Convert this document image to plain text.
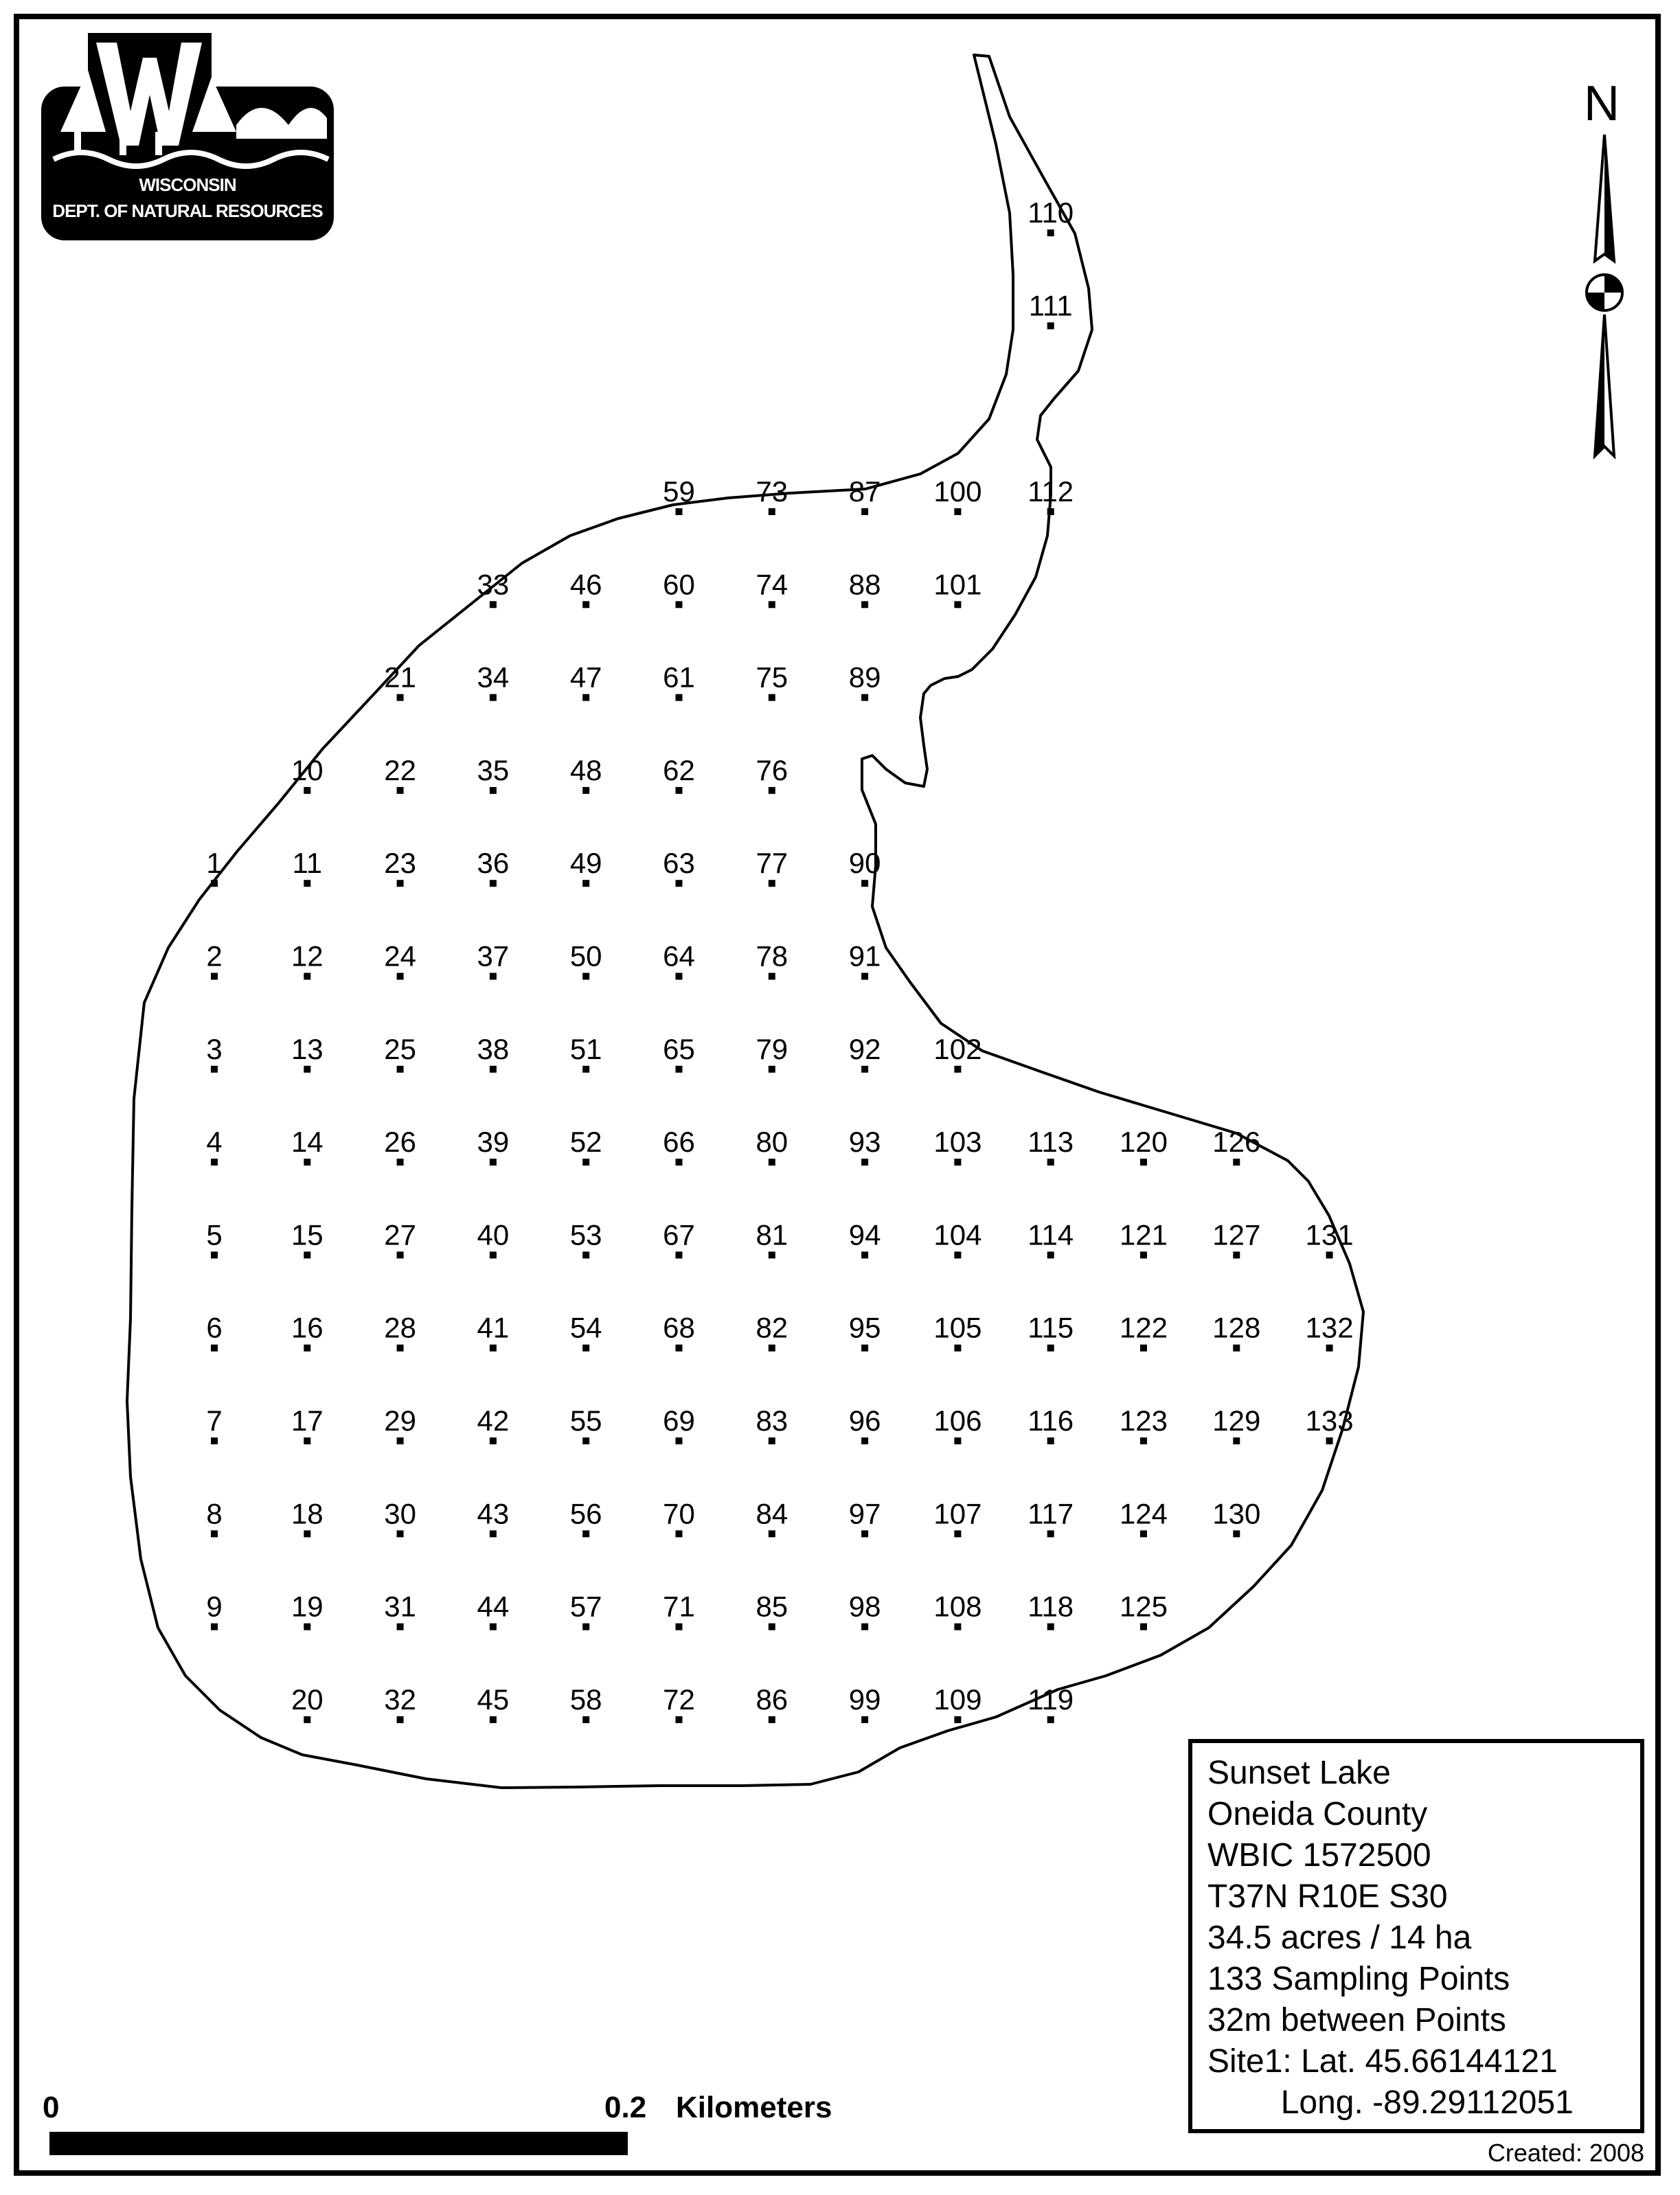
1
2
3
4
5
6
7
8
9
10
11
12
13
14
15
16
17
18
19
20
21
22
23
24
25
26
27
28
29
30
31
32
33
34
35
36
37
38
39
40
41
42
43
44
45
46
47
48
49
50
51
52
53
54
55
56
57
58
59
60
61
62
63
64
65
66
67
68
69
70
71
72
73
74
75
76
77
78
79
80
81
82
83
84
85
86
87
88
89
90
91
92
93
94
95
96
97
98
99
100
101
102
103
104
105
106
107
108
109
110
111
112
113
114
115
116
117
118
119
120
121
122
123
124
125
126
127
128
129
130
131
132
133
WISCONSIN
DEPT. OF NATURAL RESOURCES
N
Sunset Lake
Oneida County
WBIC 1572500
T37N R10E S30
34.5 acres / 14 ha
133 Sampling Points
32m between Points
Site1: Lat. 45.66144121
Long. -89.29112051
Created: 2008
0	0.2 Kilometers
